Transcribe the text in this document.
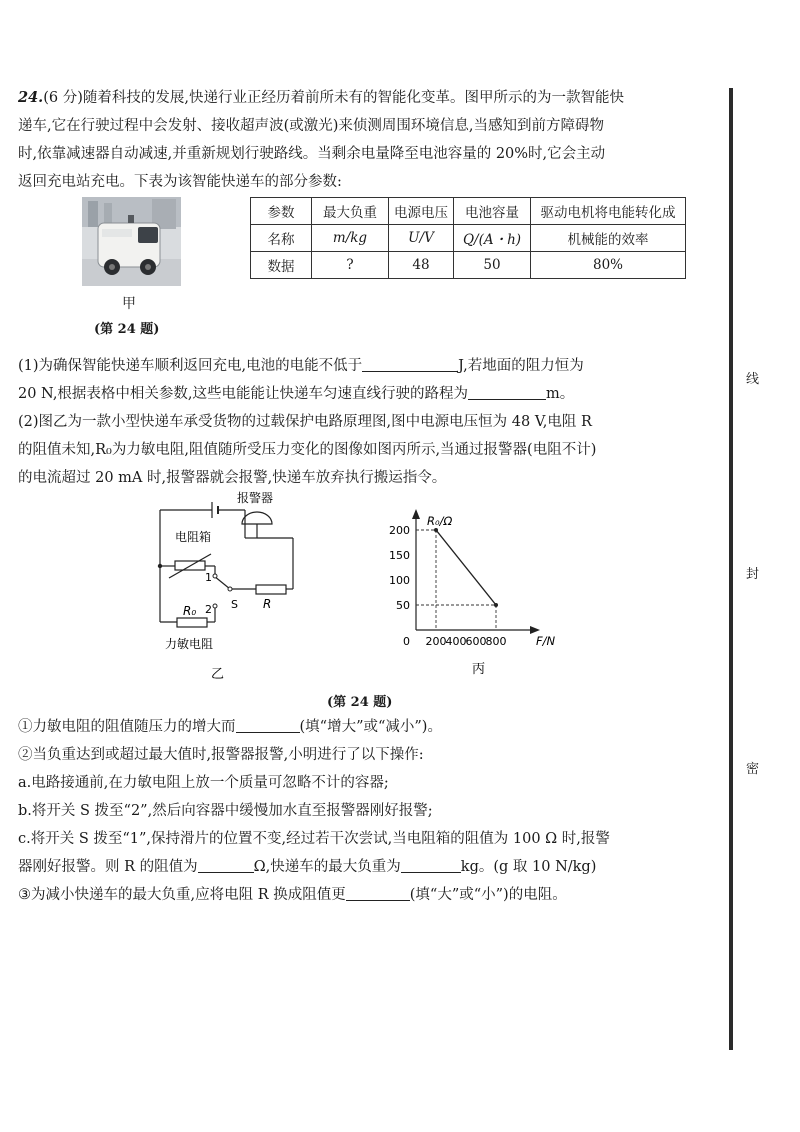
24.(6 分)随着科技的发展,快递行业正经历着前所未有的智能化变革。图甲所示的为一款智能快
递车,它在行驶过程中会发射、接收超声波(或激光)来侦测周围环境信息,当感知到前方障碍物
时,依靠减速器自动减速,并重新规划行驶路线。当剩余电量降至电池容量的 20%时,它会主动
返回充电站充电。下表为该智能快递车的部分参数:

甲
(第 24 题)
参数	最大负重	电源电压	电池容量	驱动电机将电能转化成
名称	m/kg	U/V	Q/(A・h)	机械能的效率
数据	?	48	50	80%

(1)为确保智能快递车顺利返回充电,电池的电能不低于	J,若地面的阻力恒为
20 N,根据表格中相关参数,这些电能能让快递车匀速直线行驶的路程为	m。

(2)图乙为一款小型快递车承受货物的过载保护电路原理图,图中电源电压恒为 48 V,电阻 R
的阻值未知,R₀为力敏电阻,阻值随所受压力变化的图像如图丙所示,当通过报警器(电阻不计)
的电流超过 20 mA 时,报警器就会报警,快递车放弃执行搬运指令。

报警器
电阻箱
1
2 S R
R₀
力敏电阻
乙
R₀/Ω
F/N
0
200
150
100
50
200 400 600 800
丙
(第 24 题)

①力敏电阻的阻值随压力的增大而	(填“增大”或“减小”)。
②当负重达到或超过最大值时,报警器报警,小明进行了以下操作:
a.电路接通前,在力敏电阻上放一个质量可忽略不计的容器;
b.将开关 S 拨至“2”,然后向容器中缓慢加水直至报警器刚好报警;
c.将开关 S 拨至“1”,保持滑片的位置不变,经过若干次尝试,当电阻箱的阻值为 100 Ω 时,报警
器刚好报警。则 R 的阻值为	Ω,快递车的最大负重为	kg。(g 取 10 N/kg)
③为减小快递车的最大负重,应将电阻 R 换成阻值更	(填“大”或“小”)的电阻。

线
封
密
